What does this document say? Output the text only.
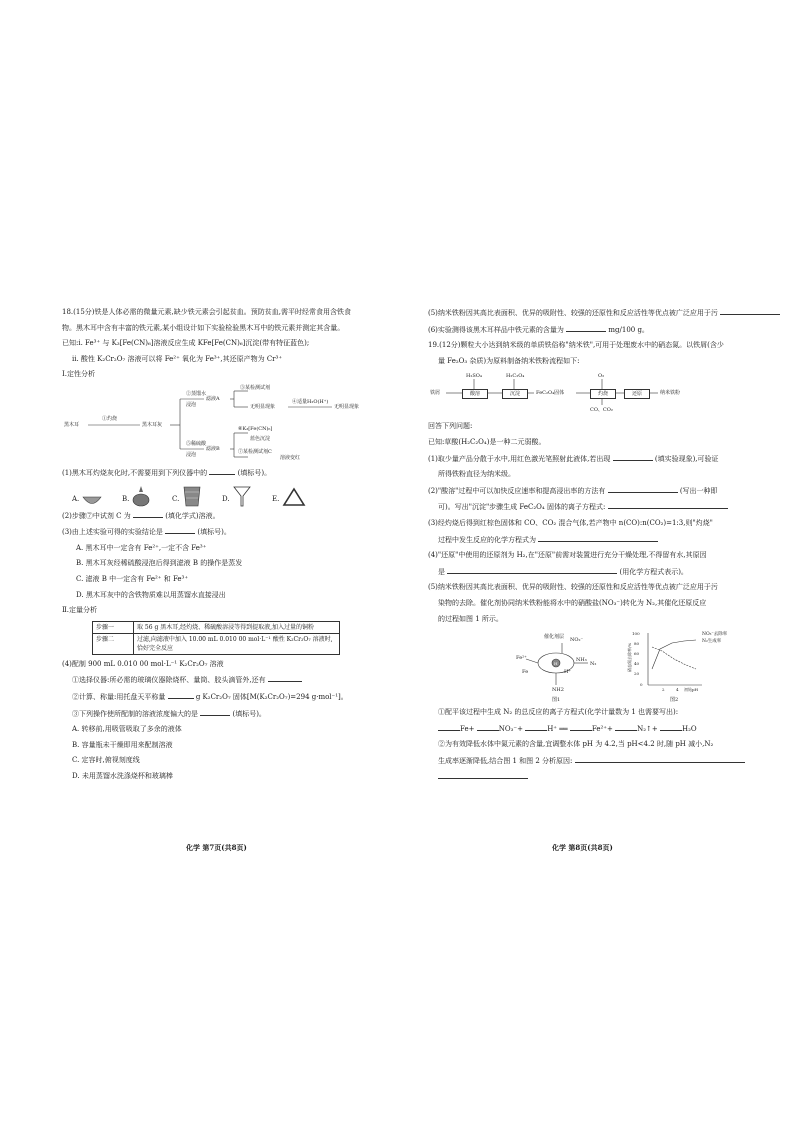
18.(15分)铁是人体必需的微量元素,缺少铁元素会引起贫血。预防贫血,需平时经常食用含铁食
物。黑木耳中含有丰富的铁元素,某小组设计如下实验检验黑木耳中的铁元素并测定其含量。
已知:i. Fe³⁺ 与 K₃[Fe(CN)₆]溶液反应生成 KFe[Fe(CN)₆]沉淀(带有特征蓝色);
ii. 酸性 K₂Cr₂O₇ 溶液可以将 Fe²⁺ 氧化为 Fe³⁺,其还原产物为 Cr³⁺
Ⅰ.定性分析
黑木耳
①灼烧
黑木耳灰
②蒸馏水
浸泡
滤液A
③某检测试剂
无明显现象
④适量H₂O(H⁺)
无明显现象
⑤稀硫酸
浸泡
滤液B
⑥K₃[Fe(CN)₆]
蓝色沉淀
⑦某检测试剂C
溶液变红
(1)黑木耳灼烧灰化时,不需要用到下列仪器中的	(填标号)。
A.	B.	C.	D.	E.
(2)步骤⑦中试剂 C 为	(填化学式)溶液。
(3)由上述实验可得的实验结论是	(填标号)。
A. 黑木耳中一定含有 Fe²⁺,一定不含 Fe³⁺
B. 黑木耳灰经稀硫酸浸泡后得到滤液 B 的操作是蒸发
C. 滤液 B 中一定含有 Fe²⁺ 和 Fe³⁺
D. 黑木耳灰中的含铁物质难以用蒸馏水直接浸出
Ⅱ.定量分析
步骤一	取 56 g 黑木耳,经灼烧、稀硫酸溶浸等得到提取液,加入过量的铜粉
步骤二	过滤,向滤液中加入 10.00 mL 0.010 00 mol·L⁻¹ 酸性 K₂Cr₂O₇ 溶液时,恰好完全反应
(4)配制 900 mL 0.010 00 mol·L⁻¹ K₂Cr₂O₇ 溶液
①选择仪器:所必需的玻璃仪器除烧杯、量筒、胶头滴管外,还有
②计算、称量:用托盘天平称量	g K₂Cr₂O₇ 固体[M(K₂Cr₂O₇)=294 g·mol⁻¹]。
③下列操作使所配制的溶液浓度偏大的是	(填标号)。
A. 转移前,用吸管吸取了多余的液体
B. 容量瓶未干燥即用来配制溶液
C. 定容时,俯视刻度线
D. 未用蒸馏水洗涤烧杯和玻璃棒
化学 第7页(共8页)
(5)纳米铁粉因其高比表面积、优异的吸附性、较强的还原性和反应活性等优点被广泛应用于污
(6)实验测得该黑木耳样品中铁元素的含量为	mg/100 g。
19.(12分)颗粒大小达到纳米级的单质铁俗称"纳米铁",可用于处理废水中的硝态氮。以铁屑(含少
量 Fe₂O₃ 杂质)为原料制备纳米铁粉流程如下:
H₂SO₄	H₂C₂O₄	O₂
铁屑	酸溶	沉淀	FeC₂O₄固体	灼烧	还原	纳米铁粉
CO、CO₂
回答下列问题:
已知:草酸(H₂C₂O₄)是一种二元弱酸。
(1)取少量产品分散于水中,用红色激光笔照射此液体,若出现	(填实验现象),可验证
所得铁粉直径为纳米级。
(2)"酸溶"过程中可以加快反应速率和提高浸出率的方法有	(写出一种即
可)。写出"沉淀"步骤生成 FeC₂O₄ 固体的离子方程式:
(3)经灼烧后得到红棕色固体和 CO、CO₂ 混合气体,若产物中 n(CO):n(CO₂)=1:3,则"灼烧"
过程中发生反应的化学方程式为
(4)"还原"中使用的还原剂为 H₂,在"还原"前需对装置进行充分干燥处理,不得留有水,其原因
是	(用化学方程式表示)。
(5)纳米铁粉因其高比表面积、优异的吸附性、较强的还原性和反应活性等优点被广泛应用于污
染物的去除。催化剂协同纳米铁粉能将水中的硝酸盐(NO₃⁻)转化为 N₂,其催化还原反应
的过程如图 1 所示。
催化剂层 NO₂⁻
H
H⁺
NH2
NH₃
N₂
Fe²⁺
Fe
图1
100
80
60
40
20
0
2	4 初始pH
硝态氮去除率/%
NO₃⁻去除率
N₂生成率
图2
①配平该过程中生成 N₂ 的总反应的离子方程式(化学计量数为 1 也需要写出):
Fe+	NO₃⁻+	H⁺ ══	Fe²⁺+	N₂↑+	H₂O
②为有效降低水体中氮元素的含量,宜调整水体 pH 为 4.2,当 pH<4.2 时,随 pH 减小,N₂
生成率逐渐降低,结合图 1 和图 2 分析原因:
化学 第8页(共8页)
